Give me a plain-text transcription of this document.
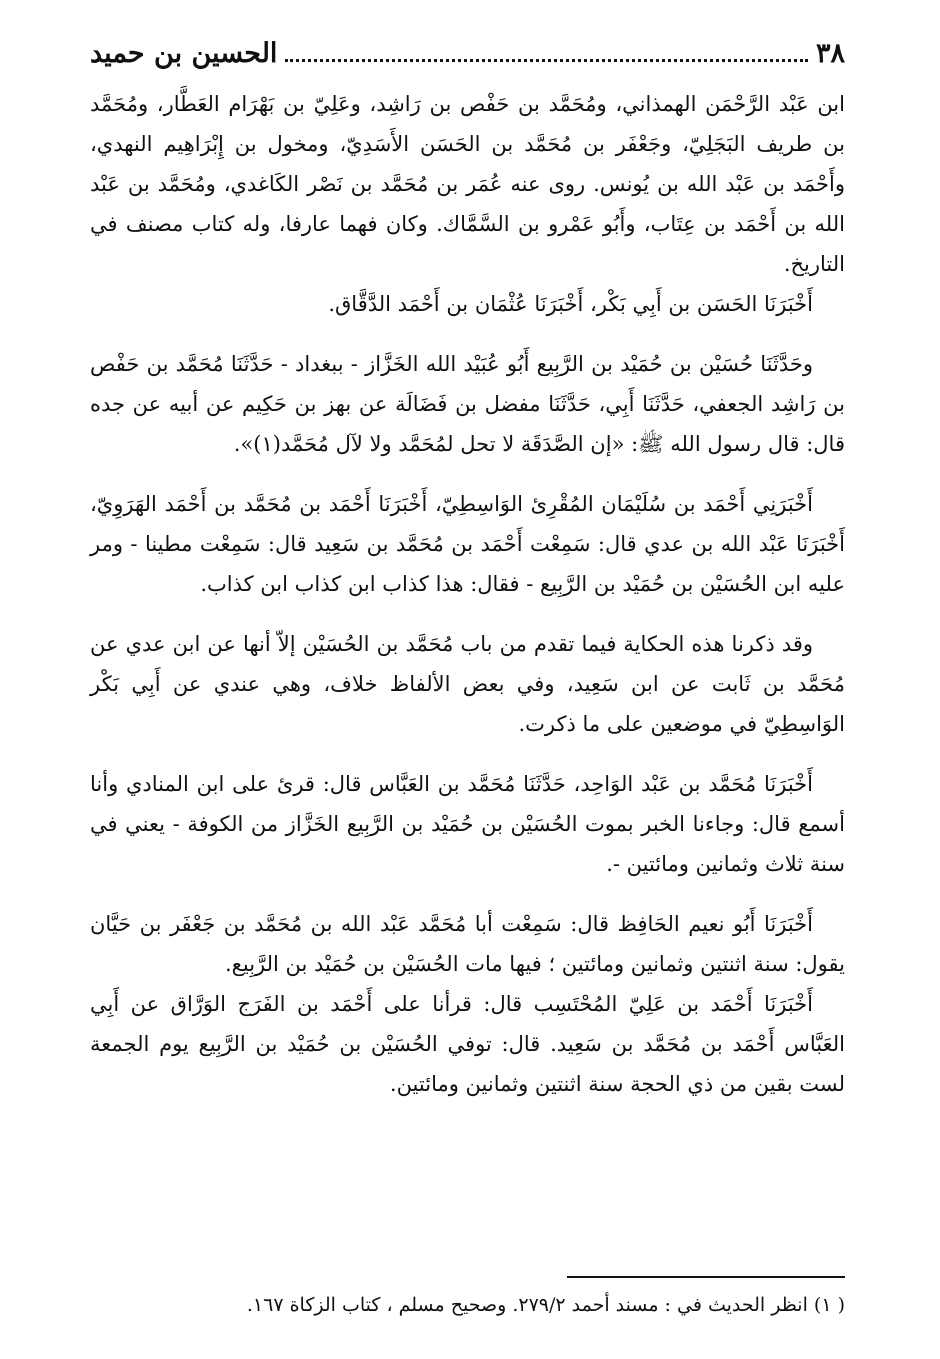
٣٨
الحسين بن حميد

ابن عَبْد الرَّحْمَن الهمذاني، ومُحَمَّد بن حَفْص بن رَاشِد، وعَلِيّ بن بَهْرَام العَطَّار، ومُحَمَّد بن طريف البَجَلِيّ، وجَعْفَر بن مُحَمَّد بن الحَسَن الأَسَدِيّ، ومخول بن إِبْرَاهِيم النهدي، وأَحْمَد بن عَبْد الله بن يُونس. روى عنه عُمَر بن مُحَمَّد بن نَصْر الكَاغدي، ومُحَمَّد بن عَبْد الله بن أَحْمَد بن عِتَاب، وأَبُو عَمْرو بن السَّمَّاك. وكان فهما عارفا، وله كتاب مصنف في التاريخ.

أَخْبَرَنَا الحَسَن بن أَبِي بَكْر، أَخْبَرَنَا عُثْمَان بن أَحْمَد الدَّقَّاق.

وحَدَّثَنَا حُسَيْن بن حُمَيْد بن الرَّبِيع أَبُو عُبَيْد الله الخَزَّاز - ببغداد - حَدَّثَنَا مُحَمَّد بن حَفْص بن رَاشِد الجعفي، حَدَّثَنَا أَبِي، حَدَّثَنَا مفضل بن فَضَالَة عن بهز بن حَكِيم عن أبيه عن جده قال: قال رسول الله ﷺ: «إن الصَّدَقَة لا تحل لمُحَمَّد ولا لآل مُحَمَّد(١)».

أَخْبَرَنِي أَحْمَد بن سُلَيْمَان المُقْرِئ الوَاسِطِيّ، أَخْبَرَنَا أَحْمَد بن مُحَمَّد بن أَحْمَد الهَرَوِيّ، أَخْبَرَنَا عَبْد الله بن عدي قال: سَمِعْت أَحْمَد بن مُحَمَّد بن سَعِيد قال: سَمِعْت مطينا - ومر عليه ابن الحُسَيْن بن حُمَيْد بن الرَّبِيع - فقال: هذا كذاب ابن كذاب ابن كذاب.

وقد ذكرنا هذه الحكاية فيما تقدم من باب مُحَمَّد بن الحُسَيْن إلاّ أنها عن ابن عدي عن مُحَمَّد بن ثَابت عن ابن سَعِيد، وفي بعض الألفاظ خلاف، وهي عندي عن أَبِي بَكْر الوَاسِطِيّ في موضعين على ما ذكرت.

أَخْبَرَنَا مُحَمَّد بن عَبْد الوَاحِد، حَدَّثَنَا مُحَمَّد بن العَبَّاس قال: قرئ على ابن المنادي وأنا أسمع قال: وجاءنا الخبر بموت الحُسَيْن بن حُمَيْد بن الرَّبِيع الخَزَّاز من الكوفة - يعني في سنة ثلاث وثمانين ومائتين -.

أَخْبَرَنَا أَبُو نعيم الحَافِظ قال: سَمِعْت أبا مُحَمَّد عَبْد الله بن مُحَمَّد بن جَعْفَر بن حَيَّان يقول: سنة اثنتين وثمانين ومائتين ؛ فيها مات الحُسَيْن بن حُمَيْد بن الرَّبِيع.

أَخْبَرَنَا أَحْمَد بن عَلِيّ المُحْتَسِب قال: قرأنا على أَحْمَد بن الفَرَج الوَرَّاق عن أَبِي العَبَّاس أَحْمَد بن مُحَمَّد بن سَعِيد. قال: توفي الحُسَيْن بن حُمَيْد بن الرَّبِيع يوم الجمعة لست بقين من ذي الحجة سنة اثنتين وثمانين ومائتين.

( ١) انظر الحديث في : مسند أحمد ٢٧٩/٢. وصحيح مسلم ، كتاب الزكاة ١٦٧.
